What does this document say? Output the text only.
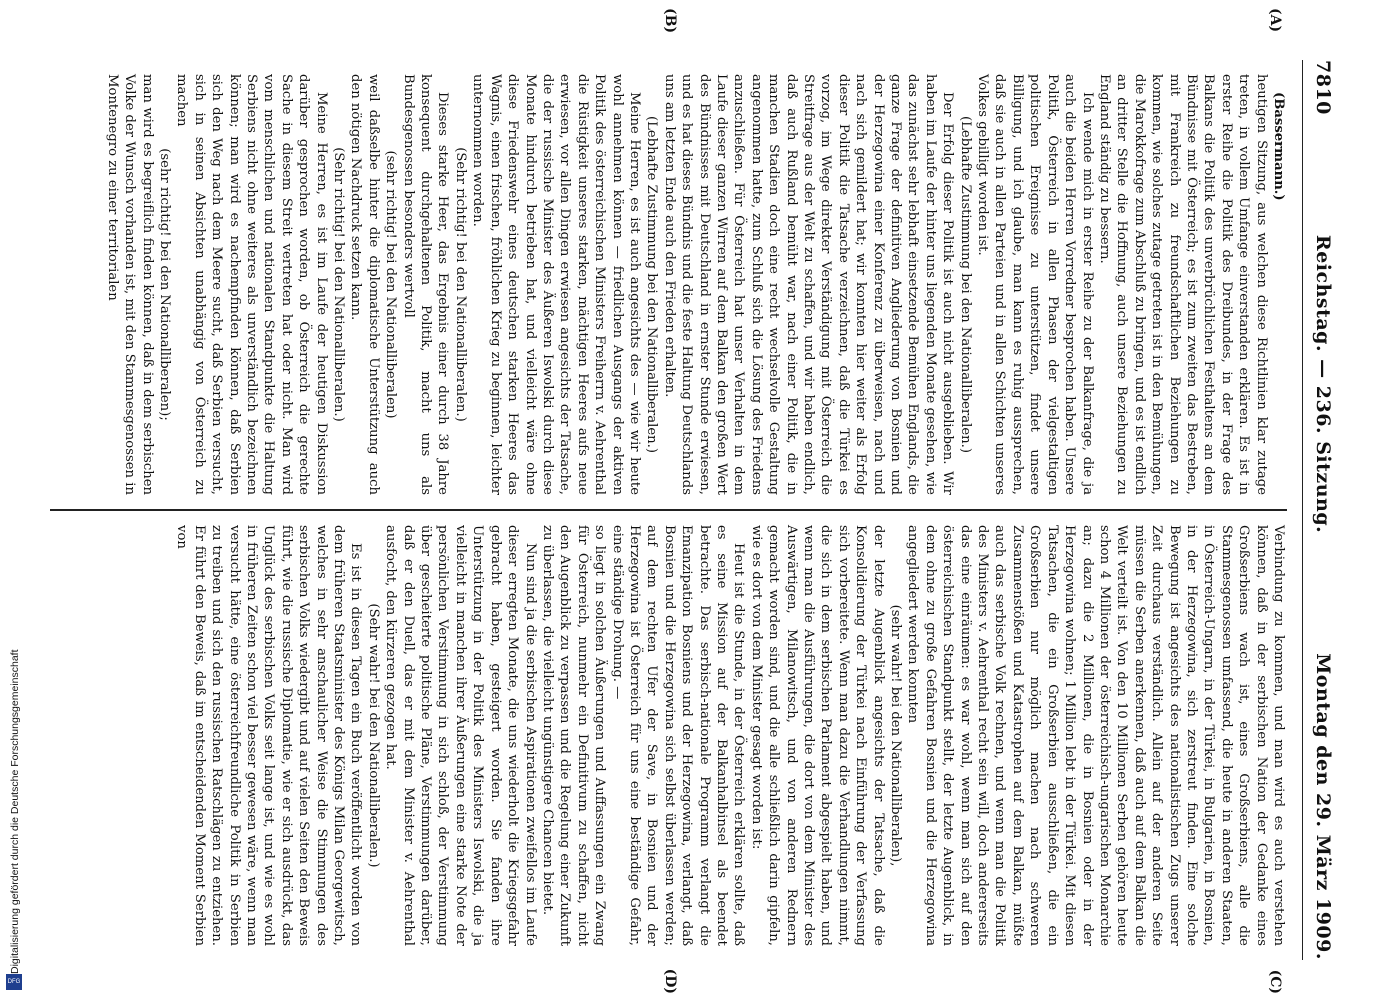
7810
Reichstag. — 236. Sitzung.
Montag den 29. März 1909.
(A)
(B)
(C)
(D)

(Bassermann.)

heutigen Sitzung, aus welchen diese Richtlinien klar zutage treten, in vollem Umfange einverstanden erklären. Es ist in erster Reihe die Politik des Dreibundes, in der Frage des Balkans die Politik des unverbrüchlichen Festhaltens an dem Bündnisse mit Österreich; es ist zum zweiten das Bestreben, mit Frankreich zu freundschaftlichen Beziehungen zu kommen, wie solches zutage getreten ist in den Bemühungen, die Marokkofrage zum Abschluß zu bringen, und es ist endlich an dritter Stelle die Hoffnung, auch unsere Beziehungen zu England ständig zu bessern.

Ich wende mich in erster Reihe zu der Balkanfrage, die ja auch die beiden Herren Vorredner besprochen haben. Unsere Politik, Österreich in allen Phasen der vielgestaltigen politischen Ereignisse zu unterstützen, findet unsere Billigung, und ich glaube, man kann es ruhig aussprechen, daß sie auch in allen Parteien und in allen Schichten unseres Volkes gebilligt worden ist.

(Lebhafte Zustimmung bei den Nationalliberalen.)

Der Erfolg dieser Politik ist auch nicht ausgeblieben. Wir haben im Laufe der hinter uns liegenden Monate gesehen, wie das zunächst sehr lebhaft einsetzende Bemühen Englands, die ganze Frage der definitiven Angliederung von Bosnien und der Herzegowina einer Konferenz zu überweisen, nach und nach sich gemildert hat; wir konnten hier weiter als Erfolg dieser Politik die Tatsache verzeichnen, daß die Türkei es vorzog, im Wege direkter Verständigung mit Österreich die Streitfrage aus der Welt zu schaffen, und wir haben endlich, daß auch Rußland bemüht war, nach einer Politik, die in manchen Stadien doch eine recht wechselvolle Gestaltung angenommen hatte, zum Schluß sich die Lösung des Friedens anzuschließen. Für Österreich hat unser Verhalten in dem Laufe dieser ganzen Wirren auf dem Balkan den großen Wert des Bündnisses mit Deutschland in ernster Stunde erwiesen, und es hat dieses Bündnis und die feste Haltung Deutschlands uns am letzten Ende auch den Frieden erhalten.

(Lebhafte Zustimmung bei den Nationalliberalen.)

Meine Herren, es ist auch angesichts des — wie wir heute wohl annehmen können — friedlichen Ausgangs der aktiven Politik des österreichischen Ministers Freiherrn v. Aehrenthal die Rüstigkeit unseres starken, mächtigen Heeres aufs neue erwiesen, vor allen Dingen erwiesen angesichts der Tatsache, die der russische Minister des Äußeren Iswolski durch diese Monate hindurch betrieben hat, und vielleicht wäre ohne diese Friedenswehr eines deutschen starken Heeres das Wagnis, einen frischen, fröhlichen Krieg zu beginnen, leichter unternommen worden.

(Sehr richtig! bei den Nationalliberalen.)

Dieses starke Heer, das Ergebnis einer durch 38 Jahre konsequent durchgehaltenen Politik, macht uns als Bundesgenossen besonders wertvoll

(sehr richtig! bei den Nationalliberalen)

weil daßselbe hinter die diplomatische Unterstützung auch den nötigen Nachdruck setzen kann.

(Sehr richtig! bei den Nationalliberalen.)

Meine Herren, es ist im Laufe der heutigen Diskussion darüber gesprochen worden, ob Österreich die gerechte Sache in diesem Streit vertreten hat oder nicht. Man wird vom menschlichen und nationalen Standpunkte die Haltung Serbiens nicht ohne weiteres als unverständlich bezeichnen können; man wird es nachempfinden können, daß Serbien sich den Weg nach dem Meere sucht, daß Serbien versucht, sich in seinen Absichten unabhängig von Österreich zu machen

(sehr richtig! bei den Nationalliberalen);

man wird es begreiflich finden können, daß in dem serbischen Volke der Wunsch vorhanden ist, mit den Stammesgenossen in Montenegro zu einer territorialen

Verbindung zu kommen, und man wird es auch verstehen können, daß in der serbischen Nation der Gedanke eines Großserbiens wach ist, eines Großserbiens, alle die Stammesgenossen umfassend, die heute in anderen Staaten, in Österreich-Ungarn, in der Türkei, in Bulgarien, in Bosnien, in der Herzegowina, sich zerstreut finden. Eine solche Bewegung ist angesichts des nationalistischen Zugs unserer Zeit durchaus verständlich. Allein auf der anderen Seite müssen die Serben anerkennen, daß auch auf dem Balkan die Welt verteilt ist. Von den 10 Millionen Serben gehören heute schon 4 Millionen der österreichisch-ungarischen Monarchie an; dazu die 2 Millionen, die in Bosnien oder in der Herzegowina wohnen; 1 Million lebt in der Türkei. Mit diesen Tatsachen, die ein Großserbien ausschließen, die ein Großserbien nur möglich machen nach schweren Zusammenstößen und Katastrophen auf dem Balkan, müßte auch das serbische Volk rechnen, und wenn man die Politik des Ministers v. Aehrenthal recht sein will, doch andererseits das eine einräumen: es war wohl, wenn man sich auf den österreichischen Standpunkt stellt, der letzte Augenblick, in dem ohne zu große Gefahren Bosnien und die Herzegowina angegliedert werden konnten

(sehr wahr! bei den Nationalliberalen),

der letzte Augenblick angesichts der Tatsache, daß die Konsolidierung der Türkei nach Einführung der Verfassung sich vorbereitete. Wenn man dazu die Verhandlungen nimmt, die sich in dem serbischen Parlament abgespielt haben, und wenn man die Ausführungen, die dort von dem Minister des Auswärtigen, Milanowitsch, und von anderen Rednern gemacht worden sind, und die alle schließlich darin gipfeln, wie es dort von dem Minister gesagt worden ist:

Heut ist die Stunde, in der Österreich erklären sollte, daß es seine Mission auf der Balkanhalbinsel als beendet betrachte. Das serbisch-nationale Programm verlangt die Emanzipation Bosniens und der Herzegowina, verlangt, daß Bosnien und die Herzegowina sich selbst überlassen werden; auf dem rechten Ufer der Save, in Bosnien und der Herzegowina ist Österreich für uns eine beständige Gefahr, eine ständige Drohung. —

so liegt in solchen Äußerungen und Auffassungen ein Zwang für Österreich, nunmehr ein Definitivum zu schaffen, nicht den Augenblick zu verpassen und die Regelung einer Zukunft zu überlassen, die vielleicht ungünstigere Chancen bietet.

Nun sind ja die serbischen Aspirationen zweifellos im Laufe dieser erregten Monate, die uns wiederholt die Kriegsgefahr gebracht haben, gesteigert worden. Sie fanden ihre Unterstützung in der Politik des Ministers Iswolski, die ja vielleicht in manchen ihrer Äußerungen eine starke Note der persönlichen Verstimmung in sich schloß, der Verstimmung über gescheiterte politische Pläne, Verstimmungen darüber, daß er den Duell, das er mit dem Minister v. Aehrenthal ausfocht, den kürzeren gezogen hat.

(Sehr wahr! bei den Nationalliberalen.)

Es ist in diesen Tagen ein Buch veröffentlicht worden von dem früheren Staatsminister des Königs Milan Georgewitsch, welches in sehr anschaulicher Weise die Stimmungen des serbischen Volks wiedergibt und auf vielen Seiten den Beweis führt, wie die russische Diplomatie, wie er sich ausdrückt, das Unglück des serbischen Volks seit lange ist, und wie es wohl in früheren Zeiten schon viel besser gewesen wäre, wenn man versucht hätte, eine österreichfreundliche Politik in Serbien zu treiben und sich den russischen Ratschlägen zu entziehen. Er führt den Beweis, daß im entscheidenden Moment Serbien von

Digitalisierung gefördert durch die Deutsche Forschungsgemeinschaft
DFG
